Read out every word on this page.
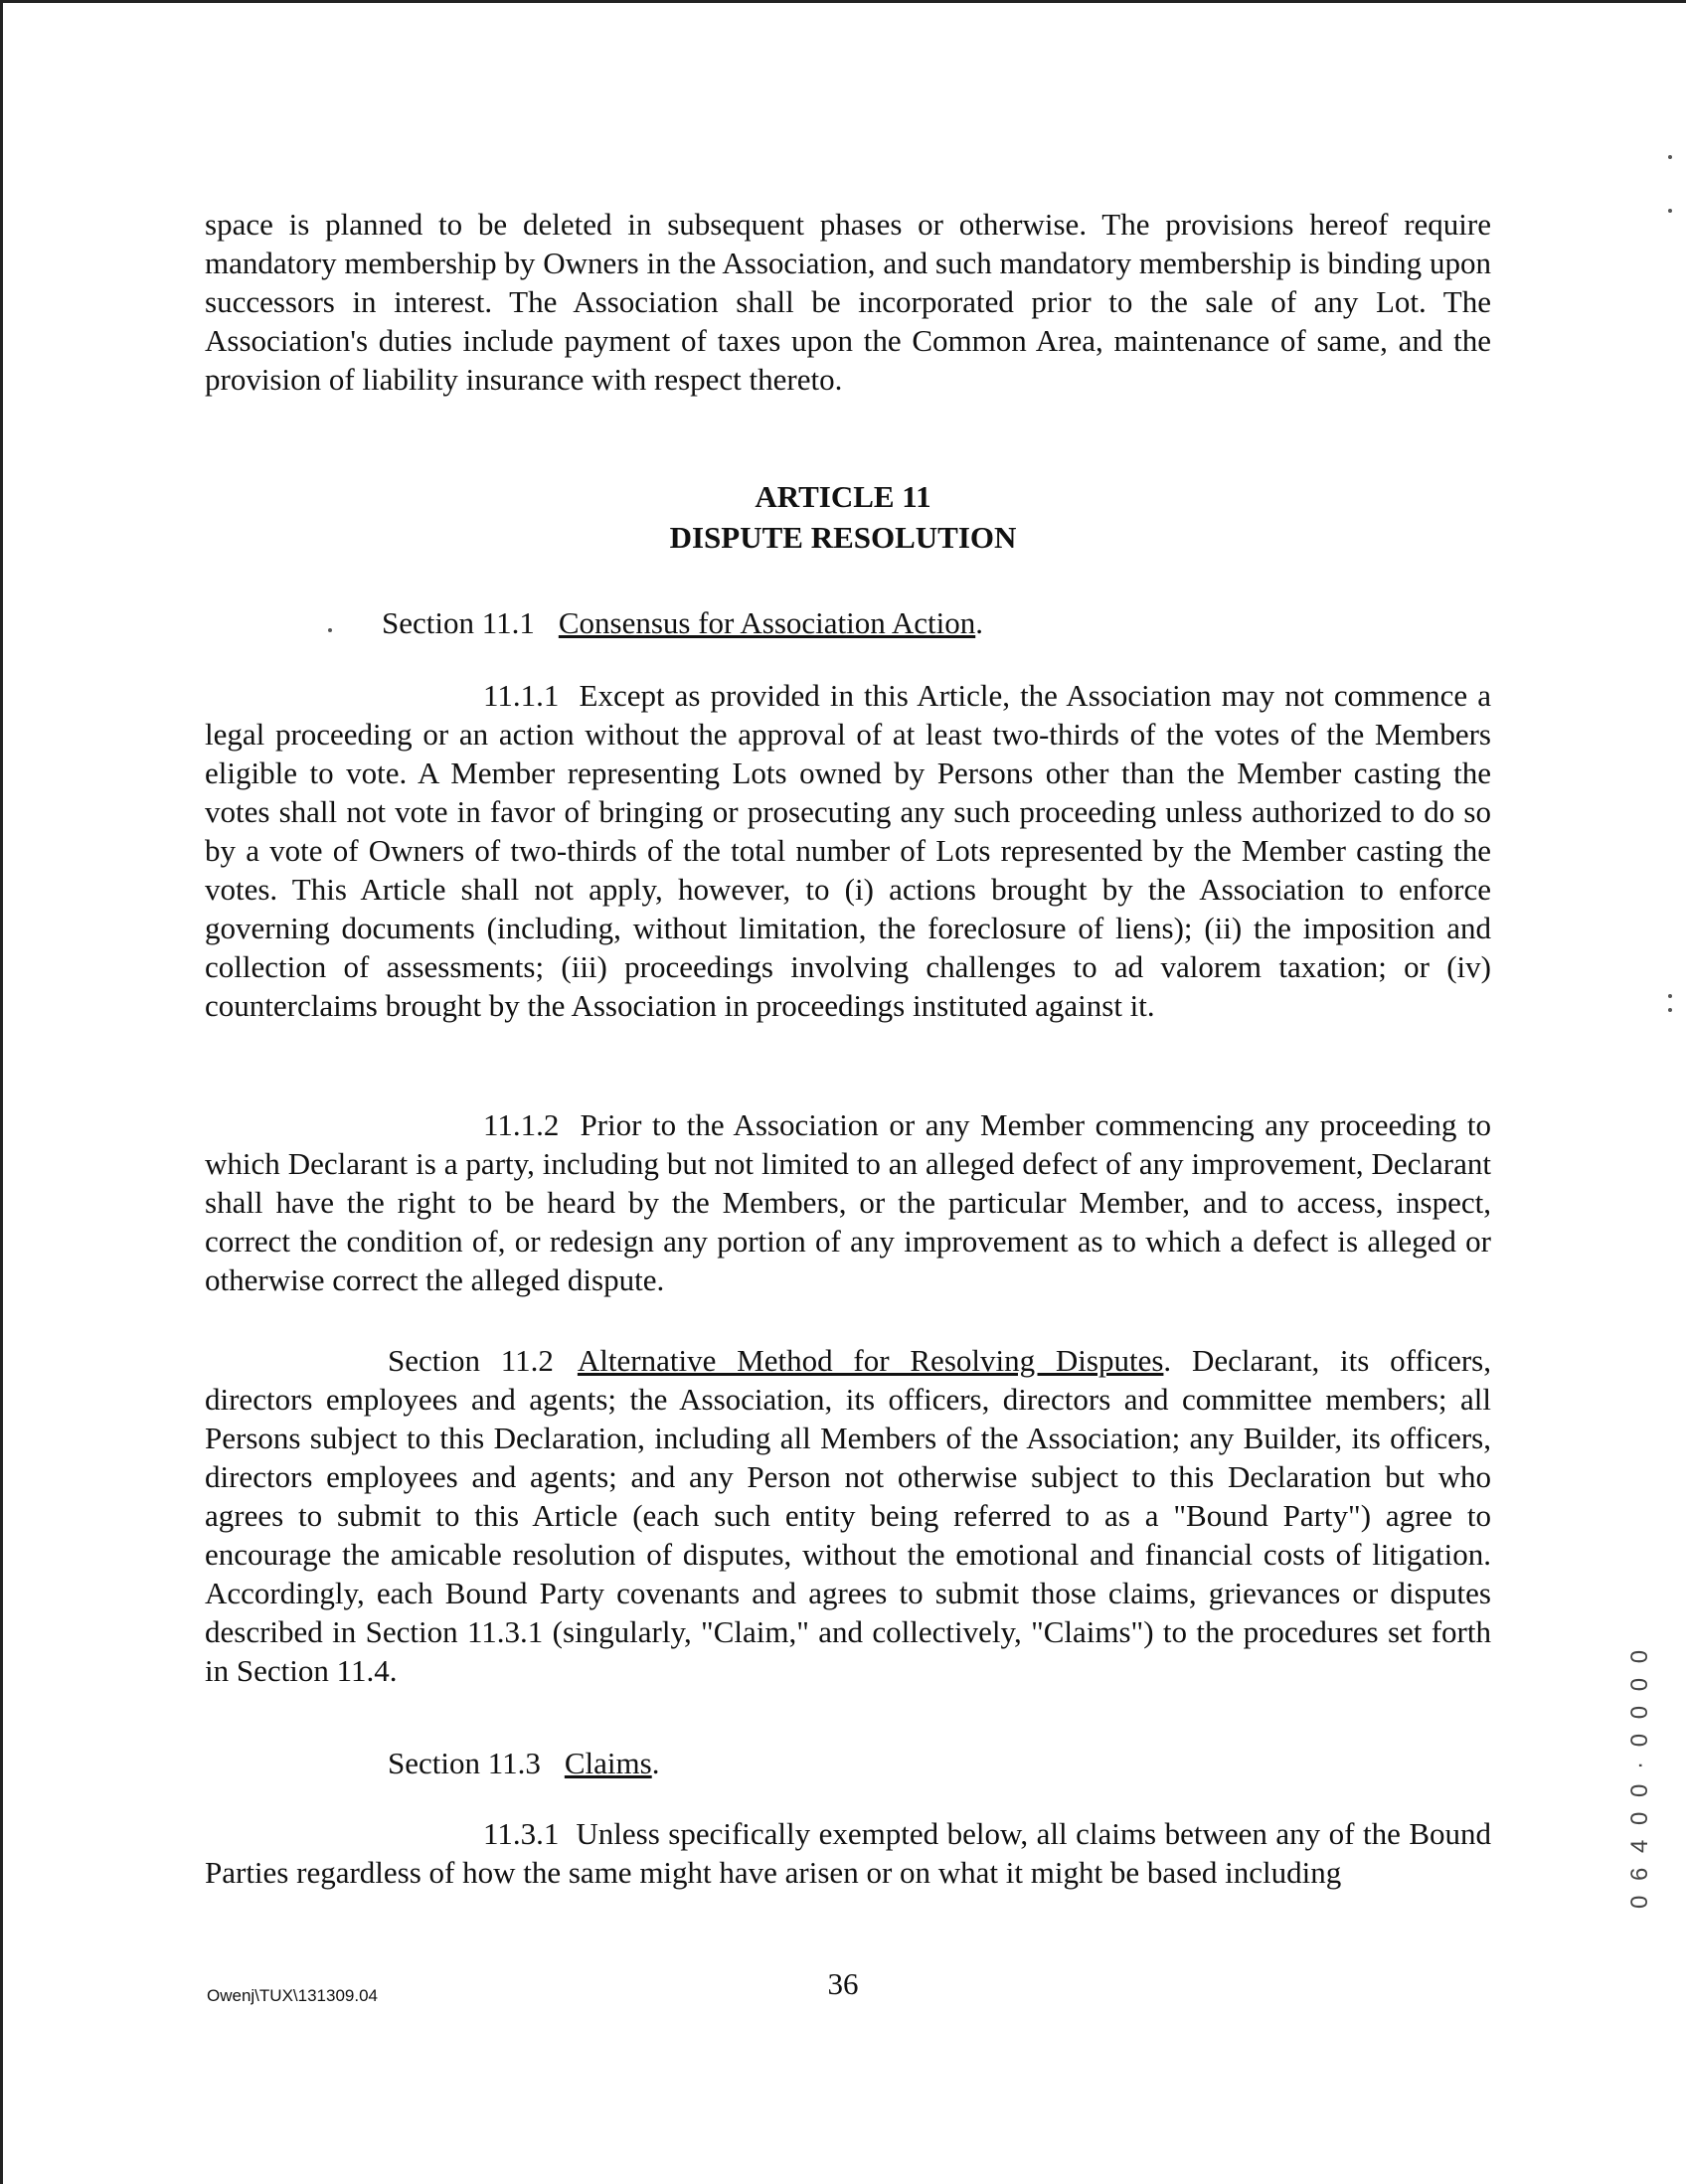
space is planned to be deleted in subsequent phases or otherwise. The provisions hereof require mandatory membership by Owners in the Association, and such mandatory membership is binding upon successors in interest. The Association shall be incorporated prior to the sale of any Lot. The Association's duties include payment of taxes upon the Common Area, maintenance of same, and the provision of liability insurance with respect thereto.

ARTICLE 11

DISPUTE RESOLUTION

Section 11.1 Consensus for Association Action.

11.1.1 Except as provided in this Article, the Association may not commence a legal proceeding or an action without the approval of at least two-thirds of the votes of the Members eligible to vote. A Member representing Lots owned by Persons other than the Member casting the votes shall not vote in favor of bringing or prosecuting any such proceeding unless authorized to do so by a vote of Owners of two-thirds of the total number of Lots represented by the Member casting the votes. This Article shall not apply, however, to (i) actions brought by the Association to enforce governing documents (including, without limitation, the foreclosure of liens); (ii) the imposition and collection of assessments; (iii) proceedings involving challenges to ad valorem taxation; or (iv) counterclaims brought by the Association in proceedings instituted against it.

11.1.2 Prior to the Association or any Member commencing any proceeding to which Declarant is a party, including but not limited to an alleged defect of any improvement, Declarant shall have the right to be heard by the Members, or the particular Member, and to access, inspect, correct the condition of, or redesign any portion of any improvement as to which a defect is alleged or otherwise correct the alleged dispute.

Section 11.2 Alternative Method for Resolving Disputes. Declarant, its officers, directors employees and agents; the Association, its officers, directors and committee members; all Persons subject to this Declaration, including all Members of the Association; any Builder, its officers, directors employees and agents; and any Person not otherwise subject to this Declaration but who agrees to submit to this Article (each such entity being referred to as a "Bound Party") agree to encourage the amicable resolution of disputes, without the emotional and financial costs of litigation. Accordingly, each Bound Party covenants and agrees to submit those claims, grievances or disputes described in Section 11.3.1 (singularly, "Claim," and collectively, "Claims") to the procedures set forth in Section 11.4.

Section 11.3 Claims.

11.3.1 Unless specifically exempted below, all claims between any of the Bound Parties regardless of how the same might have arisen or on what it might be based including

36
Owenj\TUX\131309.04
0 6 4 0 0 · 0 0 0 0
